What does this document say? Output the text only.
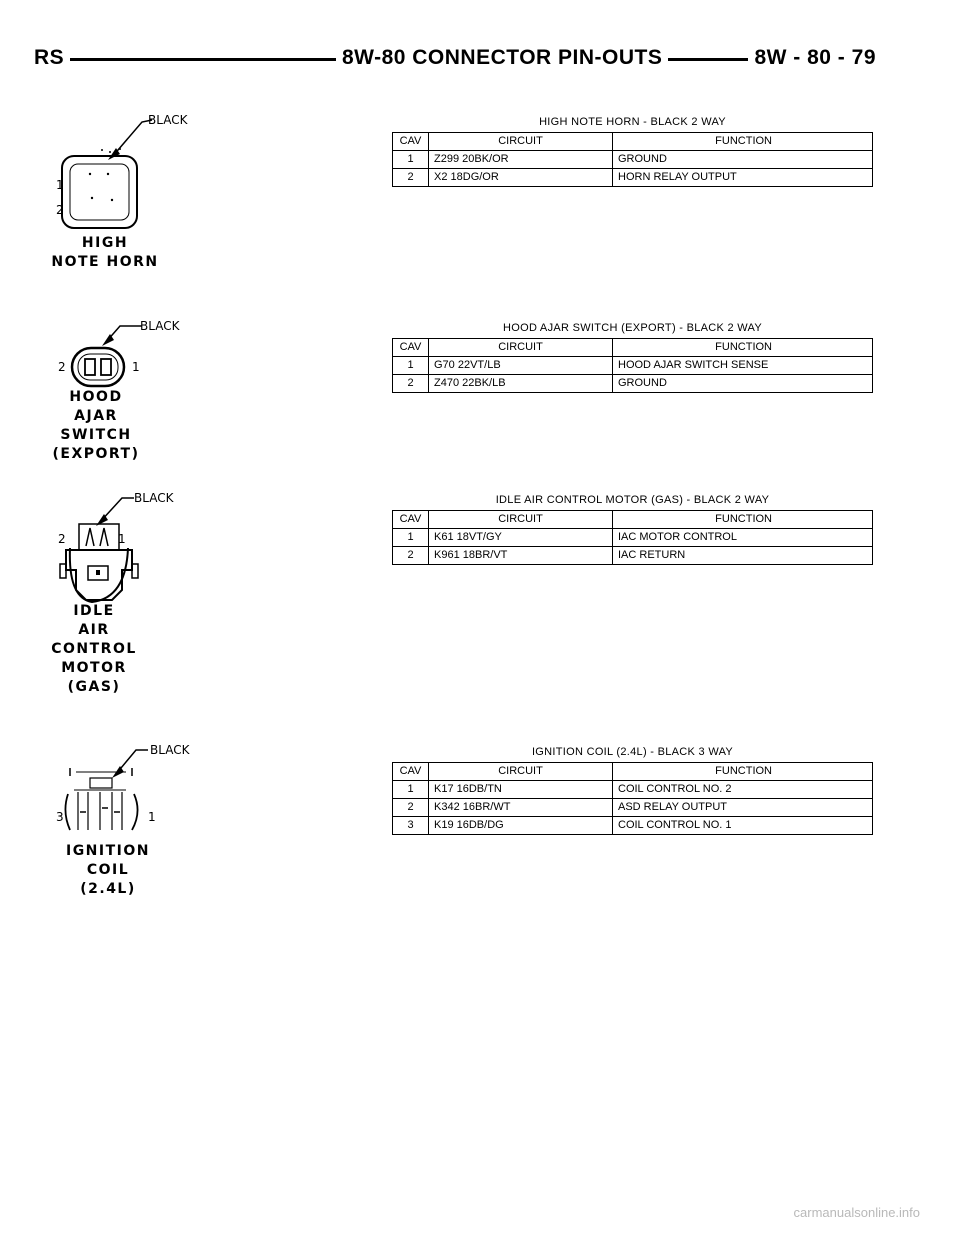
RS	8W-80 CONNECTOR PIN-OUTS	8W - 80 - 79
BLACK
1
2
HIGH
NOTE HORN
BLACK
2	1
HOOD AJAR
SWITCH
(EXPORT)
BLACK
2	1
IDLE
AIR
CONTROL
MOTOR
(GAS)
BLACK
3	1
IGNITION
COIL
(2.4L)
HIGH NOTE HORN - BLACK 2 WAY
CAV	CIRCUIT	FUNCTION
1	Z299 20BK/OR	GROUND
2	X2 18DG/OR	HORN RELAY OUTPUT
HOOD AJAR SWITCH (EXPORT) - BLACK 2 WAY
CAV	CIRCUIT	FUNCTION
1	G70 22VT/LB	HOOD AJAR SWITCH SENSE
2	Z470 22BK/LB	GROUND
IDLE AIR CONTROL MOTOR (GAS) - BLACK 2 WAY
CAV	CIRCUIT	FUNCTION
1	K61 18VT/GY	IAC MOTOR CONTROL
2	K961 18BR/VT	IAC RETURN
IGNITION COIL (2.4L) - BLACK 3 WAY
CAV	CIRCUIT	FUNCTION
1	K17 16DB/TN	COIL CONTROL NO. 2
2	K342 16BR/WT	ASD RELAY OUTPUT
3	K19 16DB/DG	COIL CONTROL NO. 1
carmanualsonline.info
